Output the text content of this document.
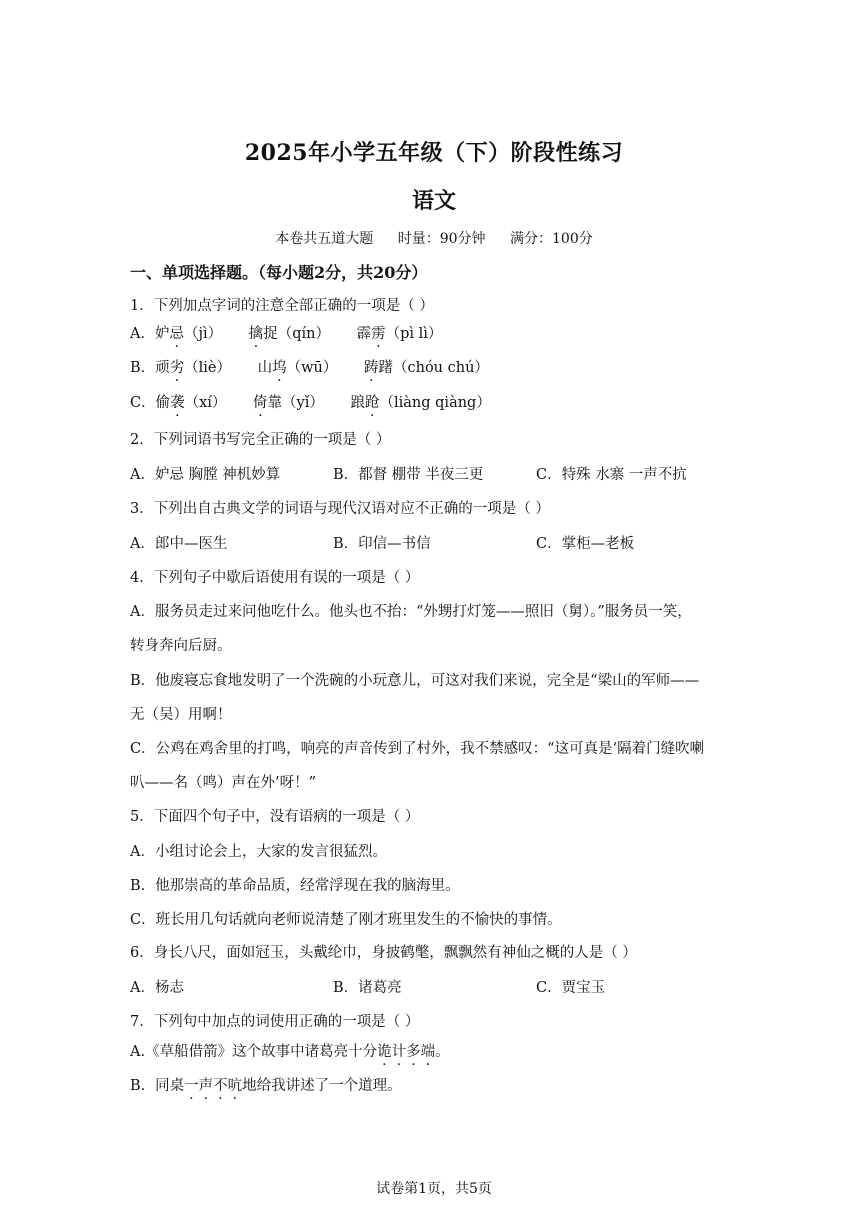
2025年小学五年级（下）阶段性练习
语文
本卷共五道大题 时量：90分钟 满分：100分
一、单项选择题。（每小题2分，共20分）
1．下列加点字词的注意全部正确的一项是（ ）
A．妒忌（jì） 擒捉（qín） 霹雳（pì lì）
B．顽劣（liè） 山坞（wū） 踌躇（chóu chú）
C．偷袭（xí） 倚靠（yǐ） 踉跄（liàng qiàng）
2．下列词语书写完全正确的一项是（ ）
A．妒忌 胸膛 神机妙算	B．都督 棚带 半夜三更	C．特殊 水寨 一声不抗
3．下列出自古典文学的词语与现代汉语对应不正确的一项是（ ）
A．郎中—医生	B．印信—书信	C．掌柜—老板
4．下列句子中歇后语使用有误的一项是（ ）
A．服务员走过来问他吃什么。他头也不抬：“外甥打灯笼——照旧（舅）。”服务员一笑，
转身奔向后厨。
B．他废寝忘食地发明了一个洗碗的小玩意儿，可这对我们来说，完全是“梁山的军师——
无（吴）用啊！
C．公鸡在鸡舍里的打鸣，响亮的声音传到了村外，我不禁感叹：“这可真是‘隔着门缝吹喇
叭——名（鸣）声在外’呀！”
5．下面四个句子中，没有语病的一项是（ ）
A．小组讨论会上，大家的发言很猛烈。
B．他那崇高的革命品质，经常浮现在我的脑海里。
C．班长用几句话就向老师说清楚了刚才班里发生的不愉快的事情。
6．身长八尺，面如冠玉，头戴纶巾，身披鹤氅，飘飘然有神仙之概的人是（ ）
A．杨志	B．诸葛亮	C．贾宝玉
7．下列句中加点的词使用正确的一项是（ ）
A.《草船借箭》这个故事中诸葛亮十分诡计多端。
B．同桌一声不吭地给我讲述了一个道理。
试卷第1页，共5页
